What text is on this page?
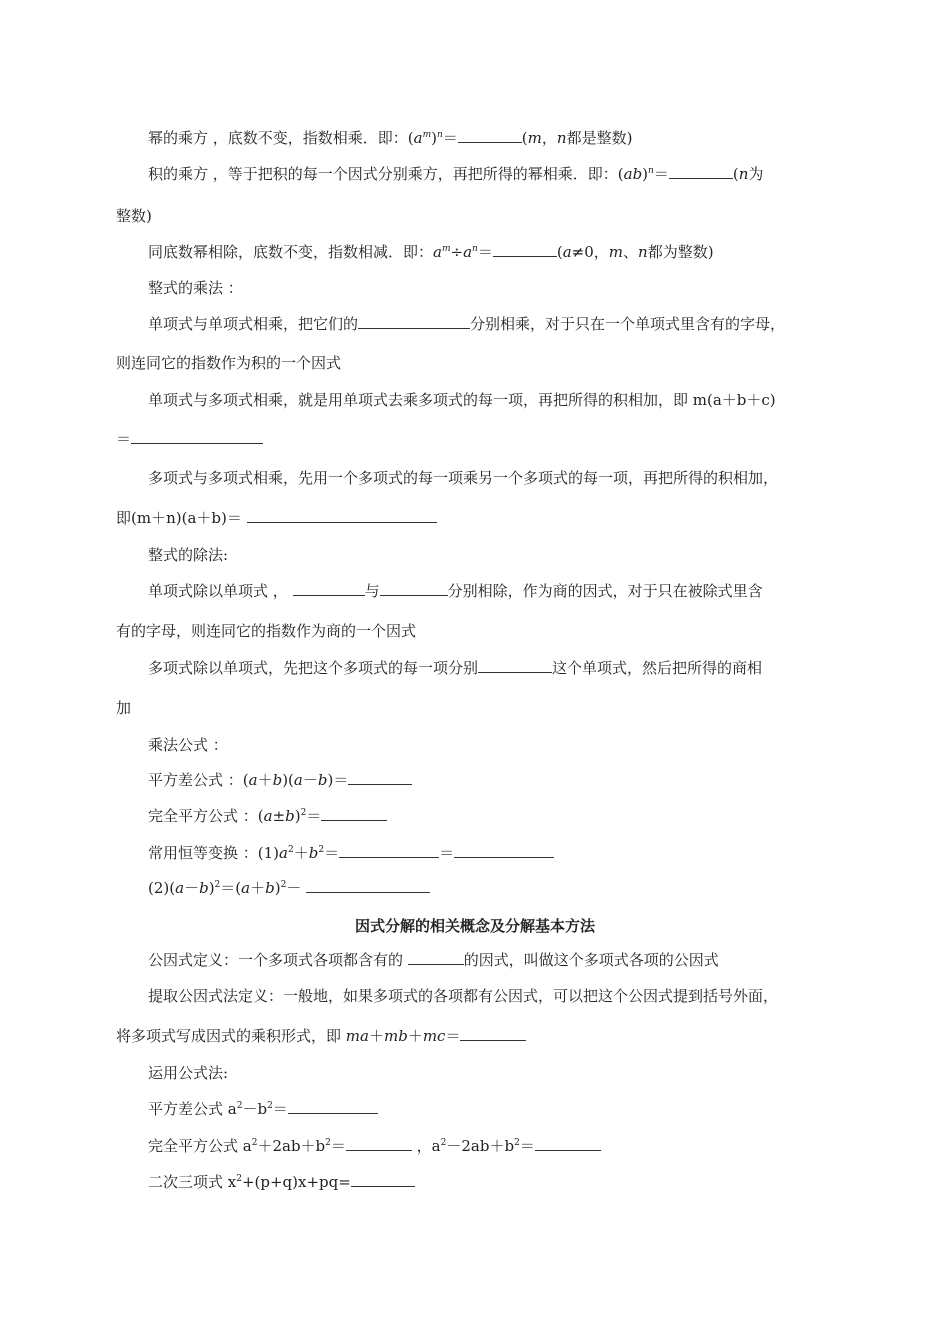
幂的乘方 ，底数不变，指数相乘．即：$(a^m)^n=$	(m，n都是整数)
积的乘方 ，等于把积的每一个因式分别乘方，再把所得的幂相乘．即：(ab)$^n$＝	(n为
整数)
同底数幂相除，底数不变，指数相减．即：$a^m\div a^n=$	(a≠0，m、n都为整数)
整式的乘法 ：
单项式与单项式相乘，把它们的	分别相乘，对于只在一个单项式里含有的字母，
则连同它的指数作为积的一个因式
单项式与多项式相乘，就是用单项式去乘多项式的每一项，再把所得的积相加，即 m(a＋b＋c)
＝
多项式与多项式相乘，先用一个多项式的每一项乘另一个多项式的每一项，再把所得的积相加，
即(m＋n)(a＋b)＝
整式的除法:
单项式除以单项式 ，	与	分别相除，作为商的因式，对于只在被除式里含
有的字母，则连同它的指数作为商的一个因式
多项式除以单项式，先把这个多项式的每一项分别	这个单项式，然后把所得的商相
加
乘法公式 ：
平方差公式 ：(a＋b)(a－b)＝
完全平方公式 ：$(a\pm b)^2=$
常用恒等变换 ：$(1)a^2+b^2=$	＝
$(2)(a-b)^2=(a+b)^2-$
因式分解的相关概念及分解基本方法
公因式定义：一个多项式各项都含有的	的因式，叫做这个多项式各项的公因式
提取公因式法定义：一般地，如果多项式的各项都有公因式，可以把这个公因式提到括号外面，
将多项式写成因式的乘积形式，即 ma＋mb＋mc＝
运用公式法:
平方差公式 $a^2-b^2=$
完全平方公式 $a^2+2ab+b^2=$	，$a^2-2ab+b^2=$
二次三项式 $x^2+(p+q)x+pq=$
